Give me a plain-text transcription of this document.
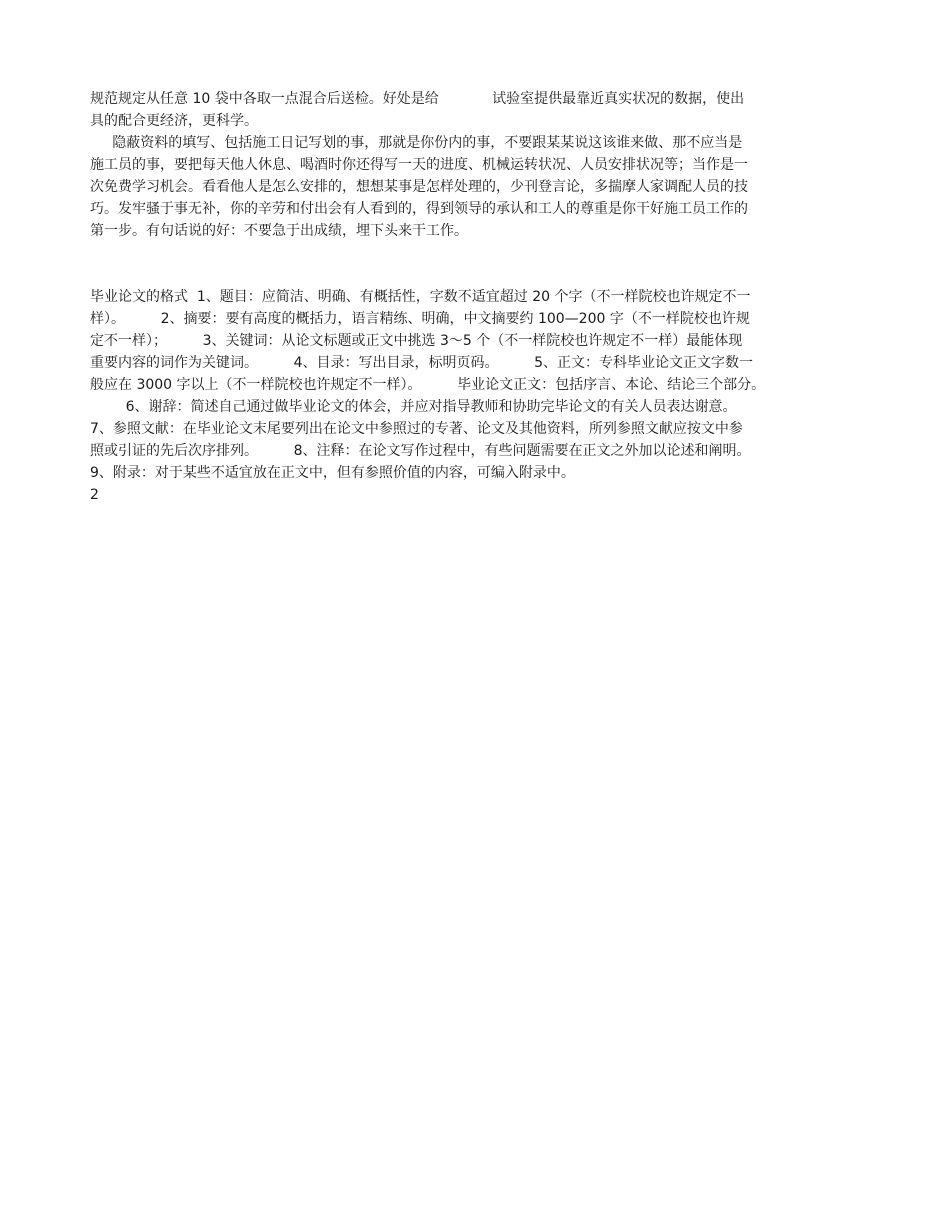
规范规定从任意 10 袋中各取一点混合后送检。好处是给            试验室提供最靠近真实状况的数据，使出
具的配合更经济，更科学。
隐蔽资料的填写、包括施工日记写划的事，那就是你份内的事，不要跟某某说这该谁来做、那不应当是
施工员的事，要把每天他人休息、喝酒时你还得写一天的进度、机械运转状况、人员安排状况等；当作是一
次免费学习机会。看看他人是怎么安排的，想想某事是怎样处理的，少刊登言论，多揣摩人家调配人员的技
巧。发牢骚于事无补，你的辛劳和付出会有人看到的，得到领导的承认和工人的尊重是你干好施工员工作的
第一步。有句话说的好：不要急于出成绩，埋下头来干工作。
毕业论文的格式  1、题目：应简洁、明确、有概括性，字数不适宜超过 20 个字（不一样院校也许规定不一
样）。        2、摘要：要有高度的概括力，语言精练、明确，中文摘要约 100—200 字（不一样院校也许规
定不一样）；        3、关键词：从论文标题或正文中挑选 3～5 个（不一样院校也许规定不一样）最能体现
重要内容的词作为关键词。        4、目录：写出目录，标明页码。        5、正文：专科毕业论文正文字数一
般应在 3000 字以上（不一样院校也许规定不一样）。        毕业论文正文：包括序言、本论、结论三个部分。
6、谢辞：简述自己通过做毕业论文的体会，并应对指导教师和协助完毕论文的有关人员表达谢意。
7、参照文献：在毕业论文末尾要列出在论文中参照过的专著、论文及其他资料，所列参照文献应按文中参
照或引证的先后次序排列。        8、注释：在论文写作过程中，有些问题需要在正文之外加以论述和阐明。
9、附录：对于某些不适宜放在正文中，但有参照价值的内容，可编入附录中。
2
